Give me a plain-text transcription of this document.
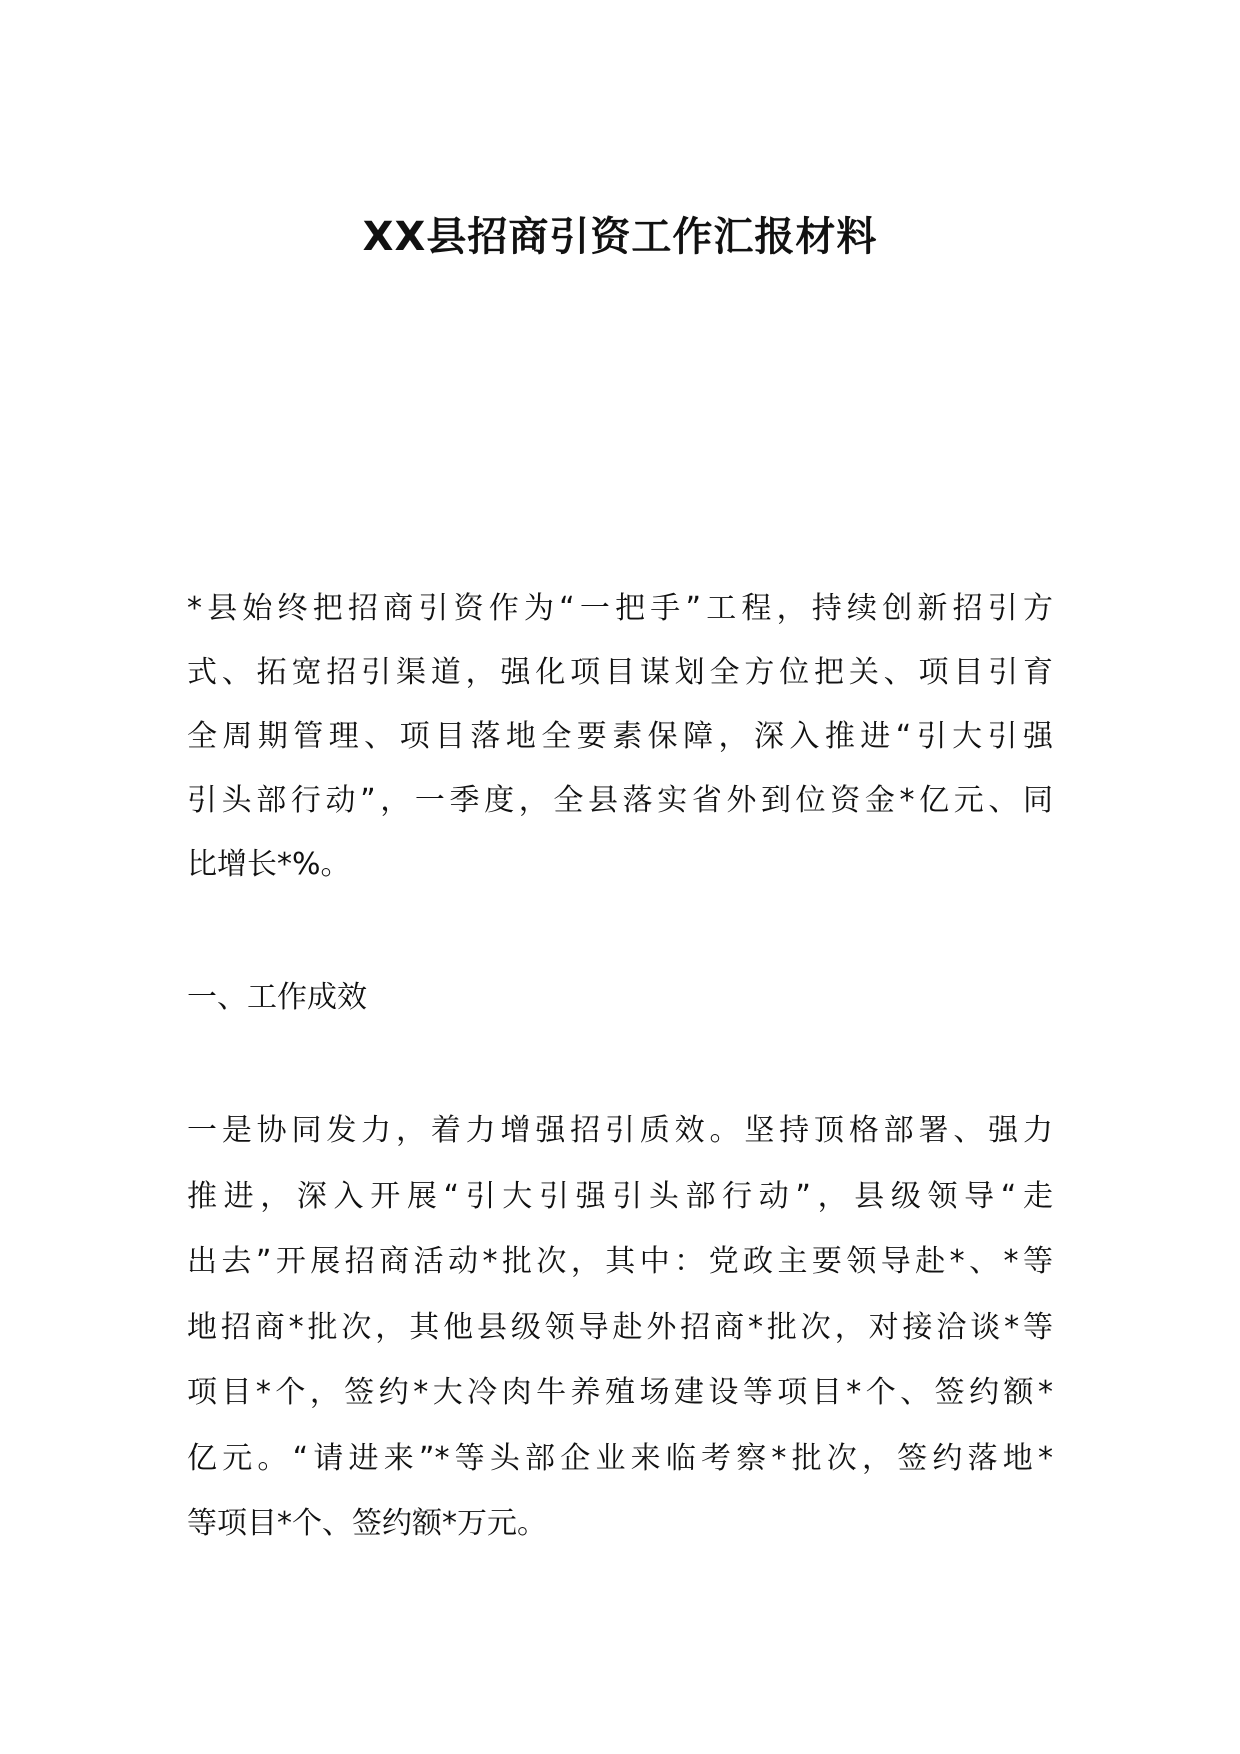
XX县招商引资工作汇报材料
*县始终把招商引资作为“一把手”工程，持续创新招引方
式、拓宽招引渠道，强化项目谋划全方位把关、项目引育
全周期管理、项目落地全要素保障，深入推进“引大引强
引头部行动”，一季度，全县落实省外到位资金*亿元、同
比增长*%。
一、工作成效
一是协同发力，着力增强招引质效。坚持顶格部署、强力
推进，深入开展“引大引强引头部行动”，县级领导“走
出去”开展招商活动*批次，其中：党政主要领导赴*、*等
地招商*批次，其他县级领导赴外招商*批次，对接洽谈*等
项目*个，签约*大冷肉牛养殖场建设等项目*个、签约额*
亿元。“请进来”*等头部企业来临考察*批次，签约落地*
等项目*个、签约额*万元。
